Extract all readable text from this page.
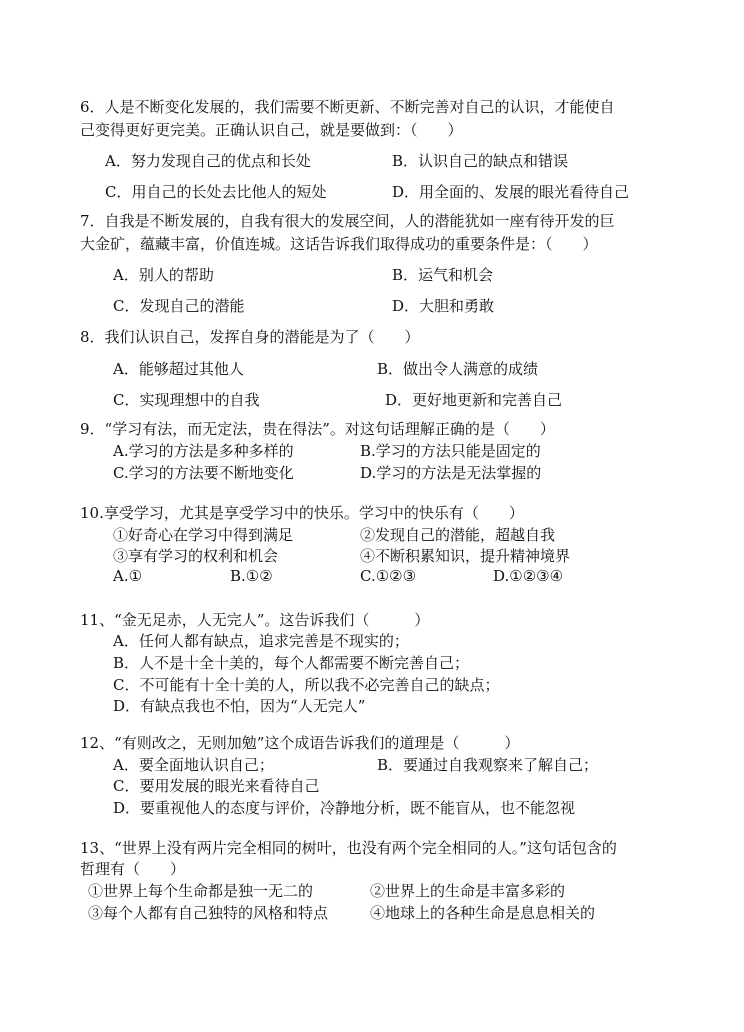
6．人是不断变化发展的，我们需要不断更新、不断完善对自己的认识，才能使自
己变得更好更完美。正确认识自己，就是要做到：（　　）
A．努力发现自己的优点和长处	B．认识自己的缺点和错误
C．用自己的长处去比他人的短处	D．用全面的、发展的眼光看待自己
7．自我是不断发展的，自我有很大的发展空间，人的潜能犹如一座有待开发的巨
大金矿，蕴藏丰富，价值连城。这话告诉我们取得成功的重要条件是：（　　）
A．别人的帮助	B．运气和机会
C．发现自己的潜能	D．大胆和勇敢
8．我们认识自己，发挥自身的潜能是为了（　　）
A．能够超过其他人	B．做出令人满意的成绩
C．实现理想中的自我	D．更好地更新和完善自己
9．“学习有法，而无定法，贵在得法”。对这句话理解正确的是（　　）
A.学习的方法是多种多样的	B.学习的方法只能是固定的
C.学习的方法要不断地变化	D.学习的方法是无法掌握的
10.享受学习，尤其是享受学习中的快乐。学习中的快乐有（　　）
①好奇心在学习中得到满足	②发现自己的潜能，超越自我
③享有学习的权利和机会	④不断积累知识，提升精神境界
A.①	B.①②	C.①②③	D.①②③④
11、“金无足赤，人无完人”。这告诉我们（　　　）
A．任何人都有缺点，追求完善是不现实的；
B．人不是十全十美的，每个人都需要不断完善自己；
C．不可能有十全十美的人，所以我不必完善自己的缺点；
D．有缺点我也不怕，因为“人无完人”
12、“有则改之，无则加勉”这个成语告诉我们的道理是（　　　）
A．要全面地认识自己；	B．要通过自我观察来了解自己；
C．要用发展的眼光来看待自己
D．要重视他人的态度与评价，冷静地分析，既不能盲从，也不能忽视
13、“世界上没有两片完全相同的树叶，也没有两个完全相同的人。”这句话包含的
哲理有（　　）
①世界上每个生命都是独一无二的	②世界上的生命是丰富多彩的
③每个人都有自己独特的风格和特点	④地球上的各种生命是息息相关的
